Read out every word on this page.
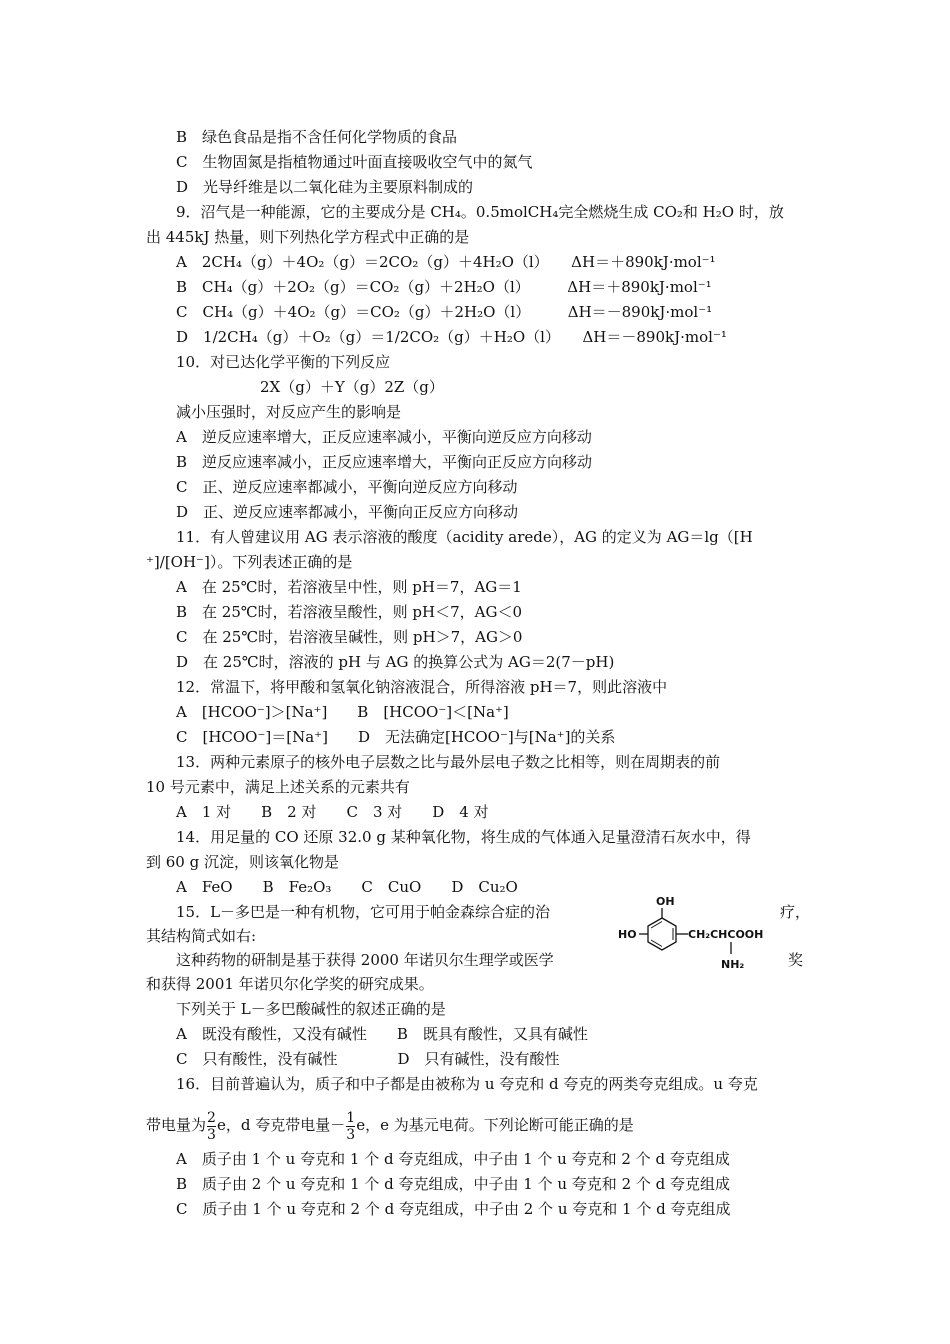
B　绿色食品是指不含任何化学物质的食品
C　生物固氮是指植物通过叶面直接吸收空气中的氮气
D　光导纤维是以二氧化硅为主要原料制成的
9．沼气是一种能源，它的主要成分是 CH₄。0.5molCH₄完全燃烧生成 CO₂和 H₂O 时，放
出 445kJ 热量，则下列热化学方程式中正确的是
A　2CH₄（g）＋4O₂（g）＝2CO₂（g）＋4H₂O（l）　　ΔH＝＋890kJ·mol⁻¹
B　CH₄（g）＋2O₂（g）＝CO₂（g）＋2H₂O（l）　　　ΔH＝＋890kJ·mol⁻¹
C　CH₄（g）＋4O₂（g）＝CO₂（g）＋2H₂O（l）　　　ΔH＝－890kJ·mol⁻¹
D　1/2CH₄（g）＋O₂（g）＝1/2CO₂（g）＋H₂O（l）　　ΔH＝－890kJ·mol⁻¹
10．对已达化学平衡的下列反应
2X（g）＋Y（g）2Z（g）
减小压强时，对反应产生的影响是
A　逆反应速率增大，正反应速率减小，平衡向逆反应方向移动
B　逆反应速率减小，正反应速率增大，平衡向正反应方向移动
C　正、逆反应速率都减小，平衡向逆反应方向移动
D　正、逆反应速率都减小，平衡向正反应方向移动
11．有人曾建议用 AG 表示溶液的酸度（acidity arede），AG 的定义为 AG＝lg（[H
⁺]/[OH⁻]）。下列表述正确的是
A　在 25℃时，若溶液呈中性，则 pH＝7，AG＝1
B　在 25℃时，若溶液呈酸性，则 pH＜7，AG＜0
C　在 25℃时，岩溶液呈碱性，则 pH＞7，AG＞0
D　在 25℃时，溶液的 pH 与 AG 的换算公式为 AG＝2(7－pH)
12．常温下，将甲酸和氢氧化钠溶液混合，所得溶液 pH＝7，则此溶液中
A　[HCOO⁻]＞[Na⁺]　　B　[HCOO⁻]＜[Na⁺]
C　[HCOO⁻]＝[Na⁺]　　D　无法确定[HCOO⁻]与[Na⁺]的关系
13．两种元素原子的核外电子层数之比与最外层电子数之比相等，则在周期表的前
10 号元素中，满足上述关系的元素共有
A　1 对　　B　2 对　　C　3 对　　D　4 对
14．用足量的 CO 还原 32.0 g 某种氧化物，将生成的气体通入足量澄清石灰水中，得
到 60 g 沉淀，则该氧化物是
A　FeO　　B　Fe₂O₃　　C　CuO　　D　Cu₂O
15．L－多巴是一种有机物，它可用于帕金森综合症的治	疗，
其结构简式如右:
这种药物的研制是基于获得 2000 年诺贝尔生理学或医学	奖
和获得 2001 年诺贝尔化学奖的研究成果。
下列关于 L－多巴酸碱性的叙述正确的是
A　既没有酸性，又没有碱性　　B　既具有酸性，又具有碱性
C　只有酸性，没有碱性　　　　D　只有碱性，没有酸性
OH
HO	CH₂CHCOOH
NH₂
16．目前普遍认为，质子和中子都是由被称为 u 夸克和 d 夸克的两类夸克组成。u 夸克
带电量为 $\frac{2}{3}$ e，d 夸克带电量－ $\frac{1}{3}$ e，e 为基元电荷。下列论断可能正确的是
A　质子由 1 个 u 夸克和 1 个 d 夸克组成，中子由 1 个 u 夸克和 2 个 d 夸克组成
B　质子由 2 个 u 夸克和 1 个 d 夸克组成，中子由 1 个 u 夸克和 2 个 d 夸克组成
C　质子由 1 个 u 夸克和 2 个 d 夸克组成，中子由 2 个 u 夸克和 1 个 d 夸克组成
